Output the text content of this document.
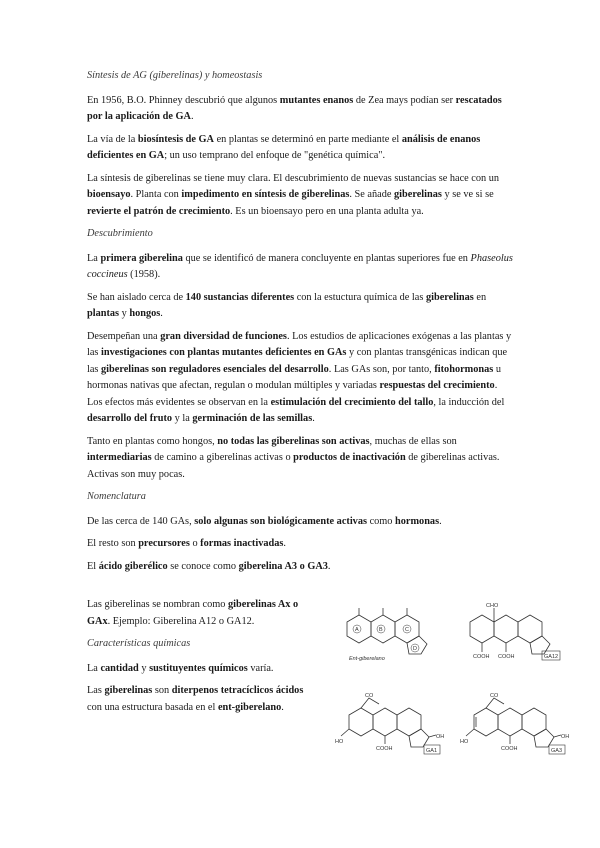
Síntesis de AG (giberelinas) y homeostasis

En 1956, B.O. Phinney descubrió que algunos mutantes enanos de Zea mays podían ser rescatados por la aplicación de GA.

La vía de la biosíntesis de GA en plantas se determinó en parte mediante el análisis de enanos deficientes en GA; un uso temprano del enfoque de "genética química".

La síntesis de giberelinas se tiene muy clara. El descubrimiento de nuevas sustancias se hace con un bioensayo. Planta con impedimento en síntesis de giberelinas. Se añade giberelinas y se ve si se revierte el patrón de crecimiento. Es un bioensayo pero en una planta adulta ya.

Descubrimiento

La primera giberelina que se identificó de manera concluyente en plantas superiores fue en Phaseolus coccineus (1958).

Se han aislado cerca de 140 sustancias diferentes con la estuctura química de las giberelinas en plantas y hongos.

Desempeñan una gran diversidad de funciones. Los estudios de aplicaciones exógenas a las plantas y las investigaciones con plantas mutantes deficientes en GAs y con plantas transgénicas indican que las giberelinas son reguladores esenciales del desarrollo. Las GAs son, por tanto, fitohormonas u hormonas nativas que afectan, regulan o modulan múltiples y variadas respuestas del crecimiento. Los efectos más evidentes se observan en la estimulación del crecimiento del tallo, la inducción del desarrollo del fruto y la germinación de las semillas.

Tanto en plantas como hongos, no todas las giberelinas son activas, muchas de ellas son intermediarias de camino a giberelinas activas o productos de inactivación de giberelinas activas. Activas son muy pocas.

Nomenclatura

De las cerca de 140 GAs, solo algunas son biológicamente activas como hormonas.

El resto son precursores o formas inactivadas.

El ácido giberélico se conoce como giberelina A3 o GA3.

Las giberelinas se nombran como giberelinas Ax o GAx. Ejemplo: Giberelina A12 o GA12.

Características químicas

La cantidad y sustituyentes químicos varía.

Las giberelinas son diterpenos tetracíclicos ácidos con una estructura basada en el ent-giberelano.

A	B	C
D
Ent-giberelano
CHO
COOH COOH	GA12
CO
HO
OH
COOH	GA1
CO
HO
OH
COOH	GA3
